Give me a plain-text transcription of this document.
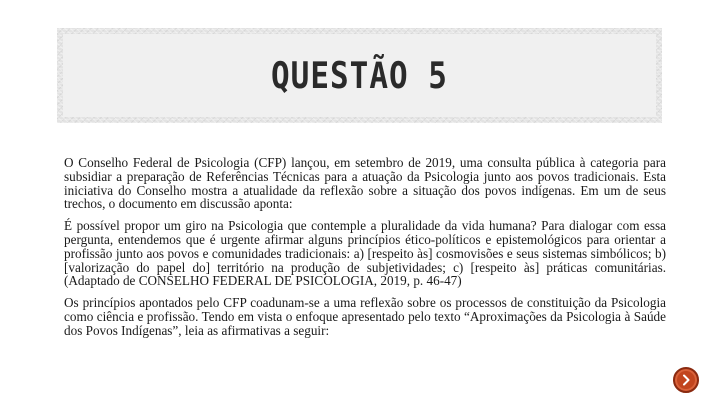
QUESTÃO 5

O Conselho Federal de Psicologia (CFP) lançou, em setembro de 2019, uma consulta pública à categoria para subsidiar a preparação de Referências Técnicas para a atuação da Psicologia junto aos povos tradicionais. Esta iniciativa do Conselho mostra a atualidade da reflexão sobre a situação dos povos indígenas. Em um de seus trechos, o documento em discussão aponta:

É possível propor um giro na Psicologia que contemple a pluralidade da vida humana? Para dialogar com essa pergunta, entendemos que é urgente afirmar alguns princípios ético-políticos e epistemológicos para orientar a profissão junto aos povos e comunidades tradicionais: a) [respeito às] cosmovisões e seus sistemas simbólicos; b) [valorização do papel do] território na produção de subjetividades; c) [respeito às] práticas comunitárias. (Adaptado de CONSELHO FEDERAL DE PSICOLOGIA, 2019, p. 46-47)

Os princípios apontados pelo CFP coadunam-se a uma reflexão sobre os processos de constituição da Psicologia como ciência e profissão. Tendo em vista o enfoque apresentado pelo texto “Aproximações da Psicologia à Saúde dos Povos Indígenas”, leia as afirmativas a seguir:
